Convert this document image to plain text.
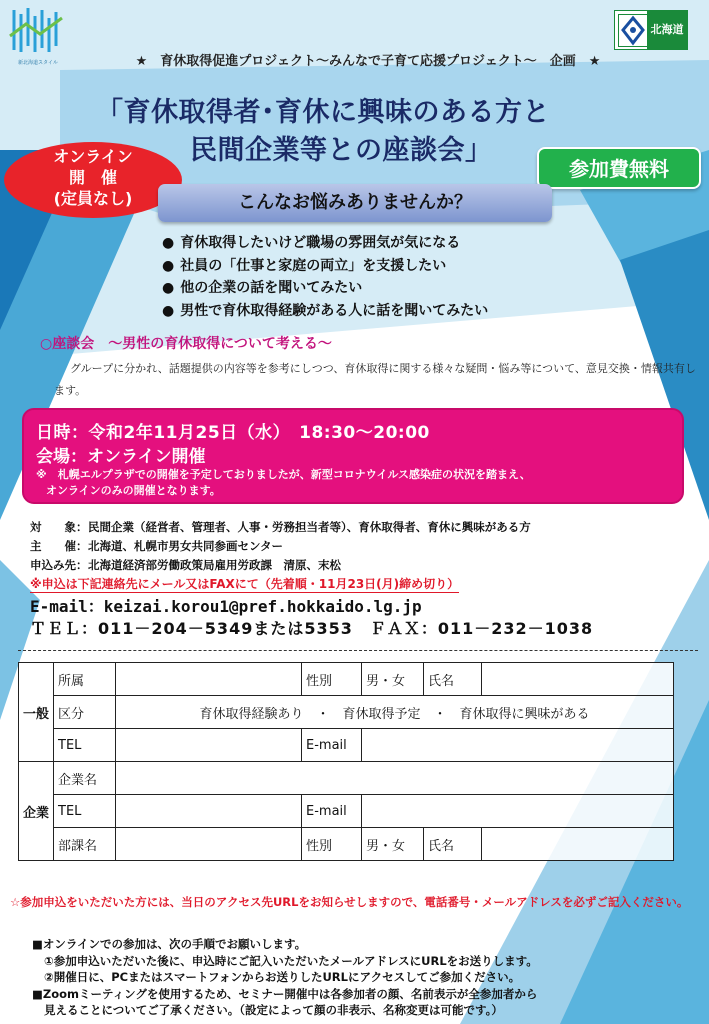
新北海道スタイル
北海道
★　育休取得促進プロジェクト～みんなで子育て応援プロジェクト～　企画　★
「育休取得者･育休に興味のある方と
民間企業等との座談会」
オンライン
開　催
(定員なし)
参加費無料
こんなお悩みありませんか？
● 育休取得したいけど職場の雰囲気が気になる
● 社員の「仕事と家庭の両立」を支援したい
● 他の企業の話を聞いてみたい
● 男性で育休取得経験がある人に話を聞いてみたい
○座談会　～男性の育休取得について考える～
グループに分かれ、話題提供の内容等を参考にしつつ、育休取得に関する様々な疑問・悩み等について、意見交換・情報共有します。
日時：令和2年11月25日（水）　18:30～20:00
会場：オンライン開催
※　札幌エルプラザでの開催を予定しておりましたが、新型コロナウイルス感染症の状況を踏まえ、
オンラインのみの開催となります。
対　　象：民間企業（経営者、管理者、人事・労務担当者等）、育休取得者、育休に興味がある方
主　　催：北海道、札幌市男女共同参画センター
申込み先：北海道経済部労働政策局雇用労政課　清原、末松
※申込は下記連絡先にメール又はFAXにて（先着順・11月23日(月)締め切り）
E-mail：keizai.korou1@pref.hokkaido.lg.jp
ＴＥＬ：011－204－5349または5353　ＦＡＸ：011－232－1038
一般	所属		性別	男・女	氏名	
	区分	育休取得経験あり　・　育休取得予定　・　育休取得に興味がある				
	TEL		E-mail			
企業	企業名					
	TEL		E-mail			
	部課名		性別	男・女	氏名	
☆参加申込をいただいた方には、当日のアクセス先URLをお知らせしますので、電話番号・メールアドレスを必ずご記入ください。
■オンラインでの参加は、次の手順でお願いします。
①参加申込いただいた後に、申込時にご記入いただいたメールアドレスにURLをお送りします。
②開催日に、PCまたはスマートフォンからお送りしたURLにアクセスしてご参加ください。
■Zoomミーティングを使用するため、セミナー開催中は各参加者の顔、名前表示が全参加者から
見えることについてご了承ください。（設定によって顔の非表示、名称変更は可能です。）
